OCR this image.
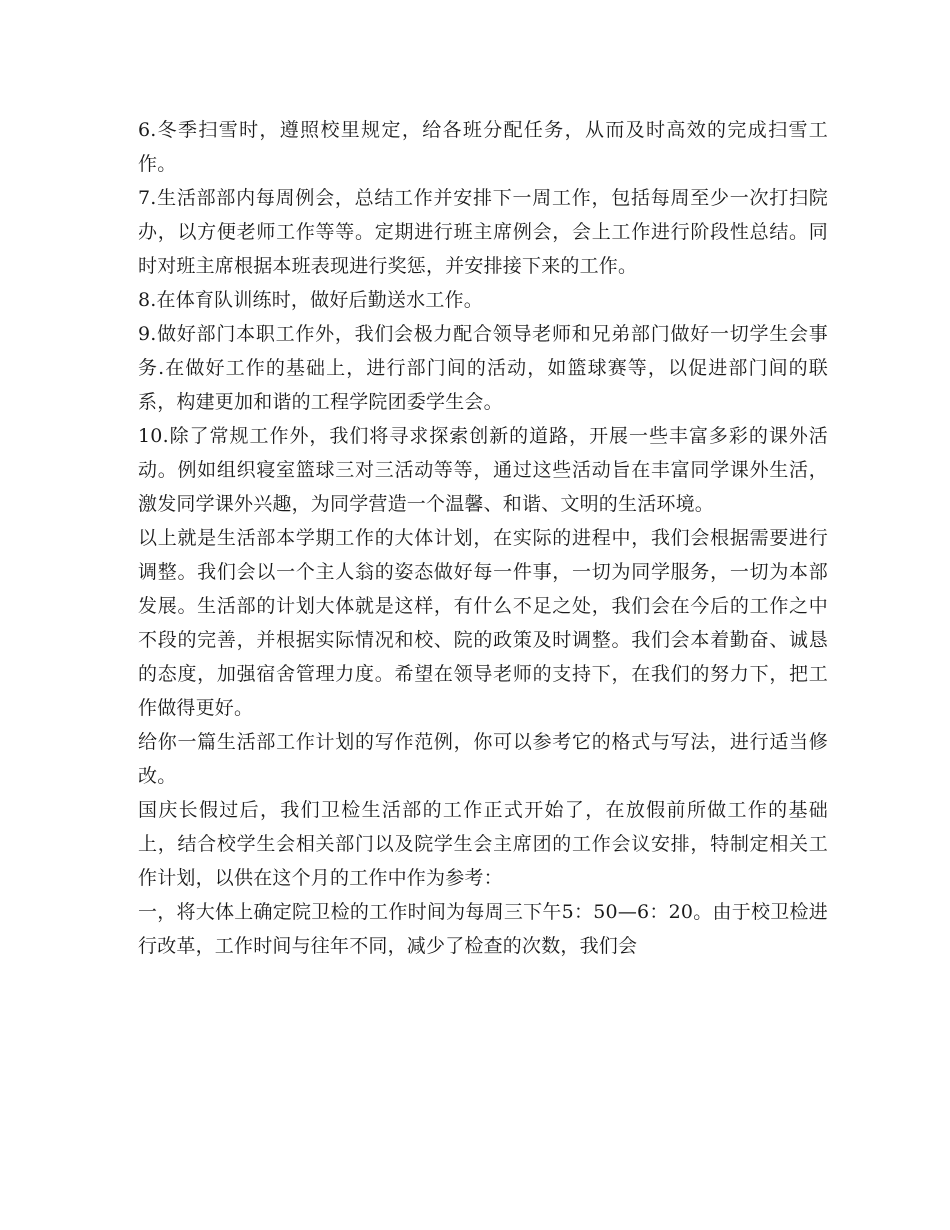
6.冬季扫雪时，遵照校里规定，给各班分配任务，从而及时高效的完成扫雪工作。

7.生活部部内每周例会，总结工作并安排下一周工作，包括每周至少一次打扫院办，以方便老师工作等等。定期进行班主席例会，会上工作进行阶段性总结。同时对班主席根据本班表现进行奖惩，并安排接下来的工作。

8.在体育队训练时，做好后勤送水工作。

9.做好部门本职工作外，我们会极力配合领导老师和兄弟部门做好一切学生会事务.在做好工作的基础上，进行部门间的活动，如篮球赛等，以促进部门间的联系，构建更加和谐的工程学院团委学生会。

10.除了常规工作外，我们将寻求探索创新的道路，开展一些丰富多彩的课外活动。例如组织寝室篮球三对三活动等等，通过这些活动旨在丰富同学课外生活，激发同学课外兴趣，为同学营造一个温馨、和谐、文明的生活环境。

以上就是生活部本学期工作的大体计划，在实际的进程中，我们会根据需要进行调整。我们会以一个主人翁的姿态做好每一件事，一切为同学服务，一切为本部发展。生活部的计划大体就是这样，有什么不足之处，我们会在今后的工作之中不段的完善，并根据实际情况和校、院的政策及时调整。我们会本着勤奋、诚恳的态度，加强宿舍管理力度。希望在领导老师的支持下，在我们的努力下，把工作做得更好。

给你一篇生活部工作计划的写作范例，你可以参考它的格式与写法，进行适当修改。

国庆长假过后，我们卫检生活部的工作正式开始了，在放假前所做工作的基础上，结合校学生会相关部门以及院学生会主席团的工作会议安排，特制定相关工作计划，以供在这个月的工作中作为参考：

一，将大体上确定院卫检的工作时间为每周三下午5：50—6：20。由于校卫检进行改革，工作时间与往年不同，减少了检查的次数，我们会
